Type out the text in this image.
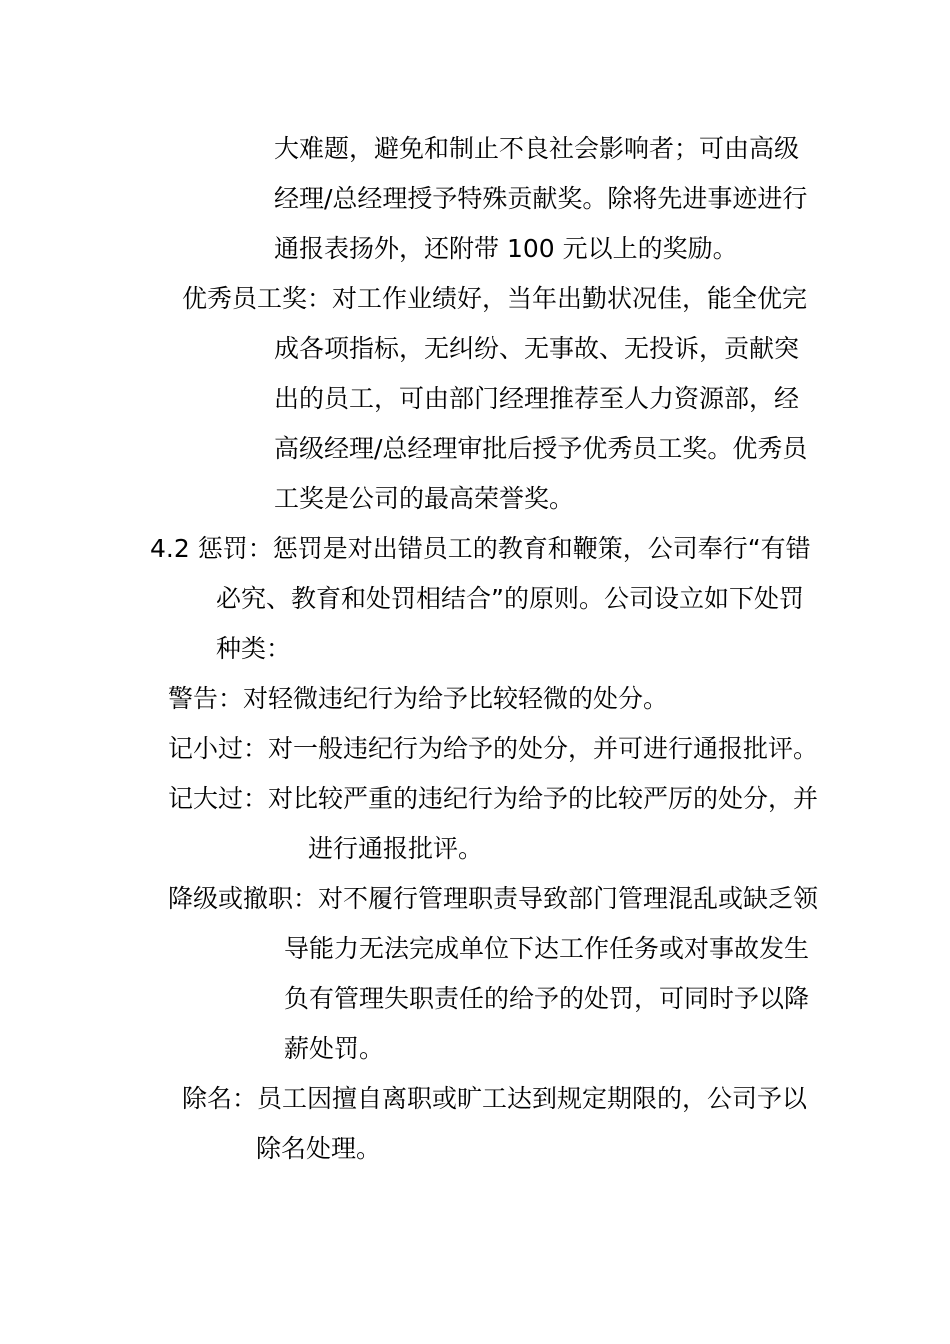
大难题，避免和制止不良社会影响者；可由高级
经理/总经理授予特殊贡献奖。除将先进事迹进行
通报表扬外，还附带 100 元以上的奖励。
优秀员工奖：对工作业绩好，当年出勤状况佳，能全优完
成各项指标，无纠纷、无事故、无投诉，贡献突
出的员工，可由部门经理推荐至人力资源部，经
高级经理/总经理审批后授予优秀员工奖。优秀员
工奖是公司的最高荣誉奖。
4.2 惩罚：惩罚是对出错员工的教育和鞭策，公司奉行“有错
必究、教育和处罚相结合”的原则。公司设立如下处罚
种类：
警告：对轻微违纪行为给予比较轻微的处分。
记小过：对一般违纪行为给予的处分，并可进行通报批评。
记大过：对比较严重的违纪行为给予的比较严厉的处分，并
进行通报批评。
降级或撤职：对不履行管理职责导致部门管理混乱或缺乏领
导能力无法完成单位下达工作任务或对事故发生
负有管理失职责任的给予的处罚，可同时予以降
薪处罚。
除名：员工因擅自离职或旷工达到规定期限的，公司予以
除名处理。
